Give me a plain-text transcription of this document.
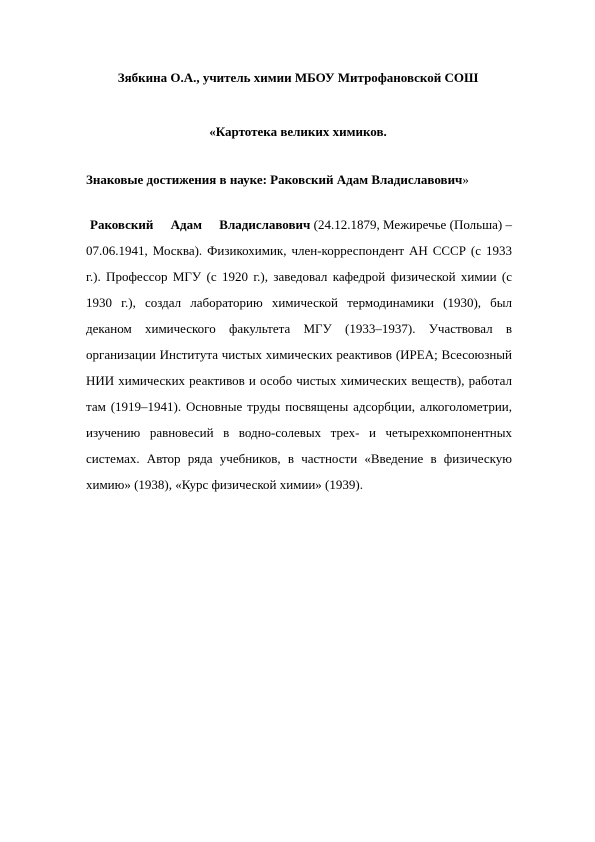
Зябкина О.А., учитель химии МБОУ Митрофановской СОШ
«Картотека великих химиков.
Знаковые достижения в науке: Раковский Адам Владиславович»
Раковский Адам Владиславович (24.12.1879, Межиречье (Польша) – 07.06.1941, Москва). Физикохимик, член-корреспондент АН СССР (с 1933 г.). Профессор МГУ (с 1920 г.), заведовал кафедрой физической химии (с 1930 г.), создал лабораторию химической термодинамики (1930), был деканом химического факультета МГУ (1933–1937). Участвовал в организации Института чистых химических реактивов (ИРЕА; Всесоюзный НИИ химических реактивов и особо чистых химических веществ), работал там (1919–1941). Основные труды посвящены адсорбции, алкоголометрии, изучению равновесий в водно-солевых трех- и четырехкомпонентных системах. Автор ряда учебников, в частности «Введение в физическую химию» (1938), «Курс физической химии» (1939).
